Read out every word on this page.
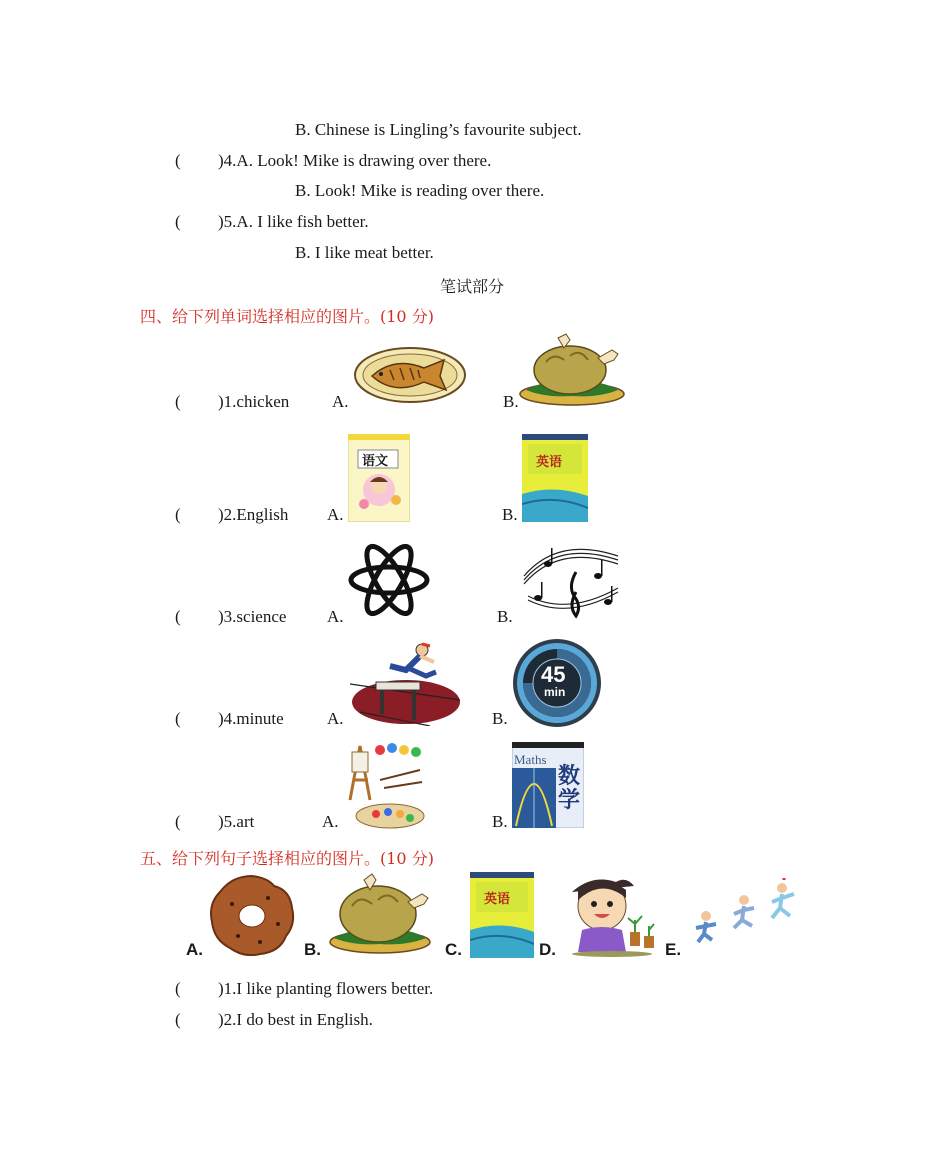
B. Chinese is Lingling’s favourite subject.
( )4.A. Look! Mike is drawing over there.
B. Look! Mike is reading over there.
( )5.A. I like fish better.
B. I like meat better.
笔试部分
四、给下列单词选择相应的图片。(10 分)
( )1.chicken	A.	B.
( )2.English A.	B.
语文	英语
( )3.science A.	B.
( )4.minute	A.	B.
45
min
( )5.art	A.	B.
Maths
数学
五、给下列句子选择相应的图片。(10 分)
英语
A.	B.	C.	D.	E.
( )1.I like planting flowers better.
( )2.I do best in English.
